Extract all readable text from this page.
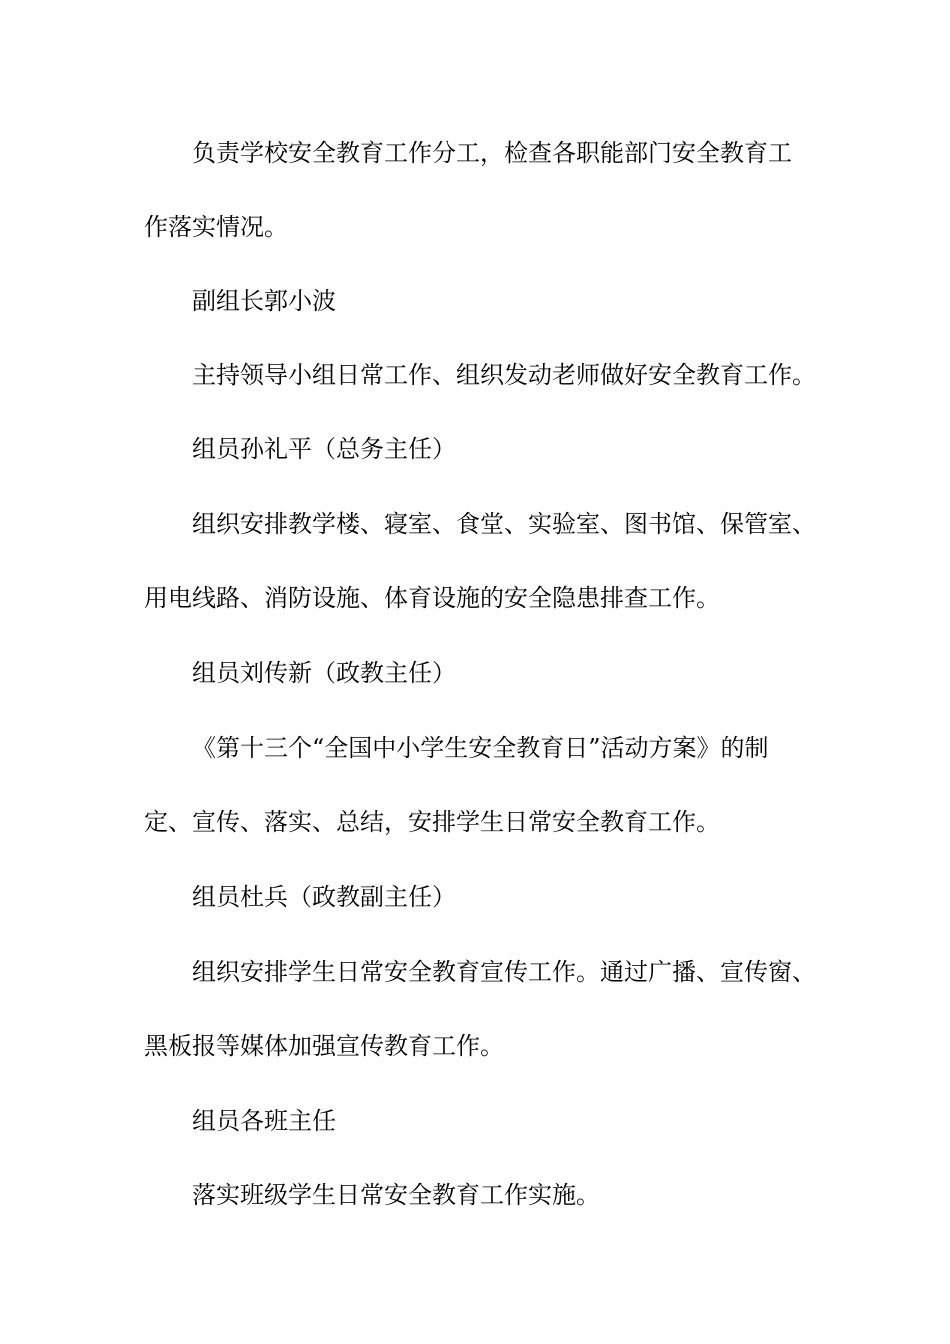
负责学校安全教育工作分工，检查各职能部门安全教育工
作落实情况。
副组长郭小波
主持领导小组日常工作、组织发动老师做好安全教育工作。
组员孙礼平（总务主任）
组织安排教学楼、寝室、食堂、实验室、图书馆、保管室、
用电线路、消防设施、体育设施的安全隐患排查工作。
组员刘传新（政教主任）
《第十三个“全国中小学生安全教育日”活动方案》的制
定、宣传、落实、总结，安排学生日常安全教育工作。
组员杜兵（政教副主任）
组织安排学生日常安全教育宣传工作。通过广播、宣传窗、
黑板报等媒体加强宣传教育工作。
组员各班主任
落实班级学生日常安全教育工作实施。
